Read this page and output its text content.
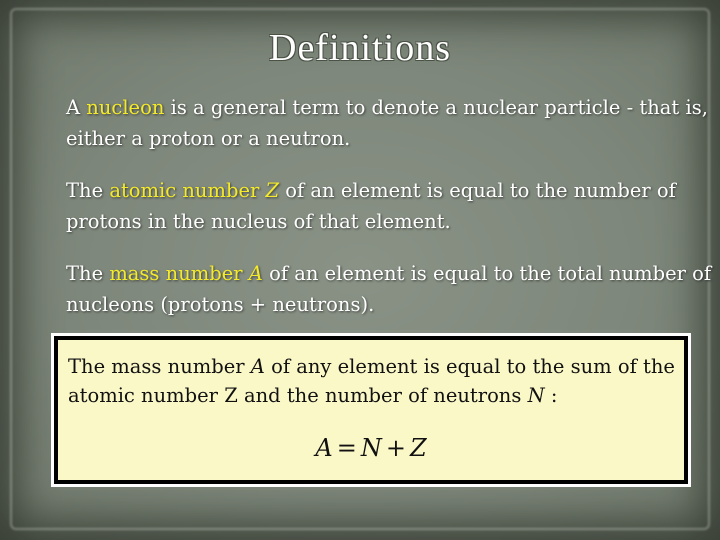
Definitions

A nucleon is a general term to denote a nuclear particle - that is, either a proton or a neutron.

The atomic number Z of an element is equal to the number of protons in the nucleus of that element.

The mass number A of an element is equal to the total number of nucleons (protons + neutrons).

The mass number A of any element is equal to the sum of the atomic number Z and the number of neutrons N :

A = N + Z
